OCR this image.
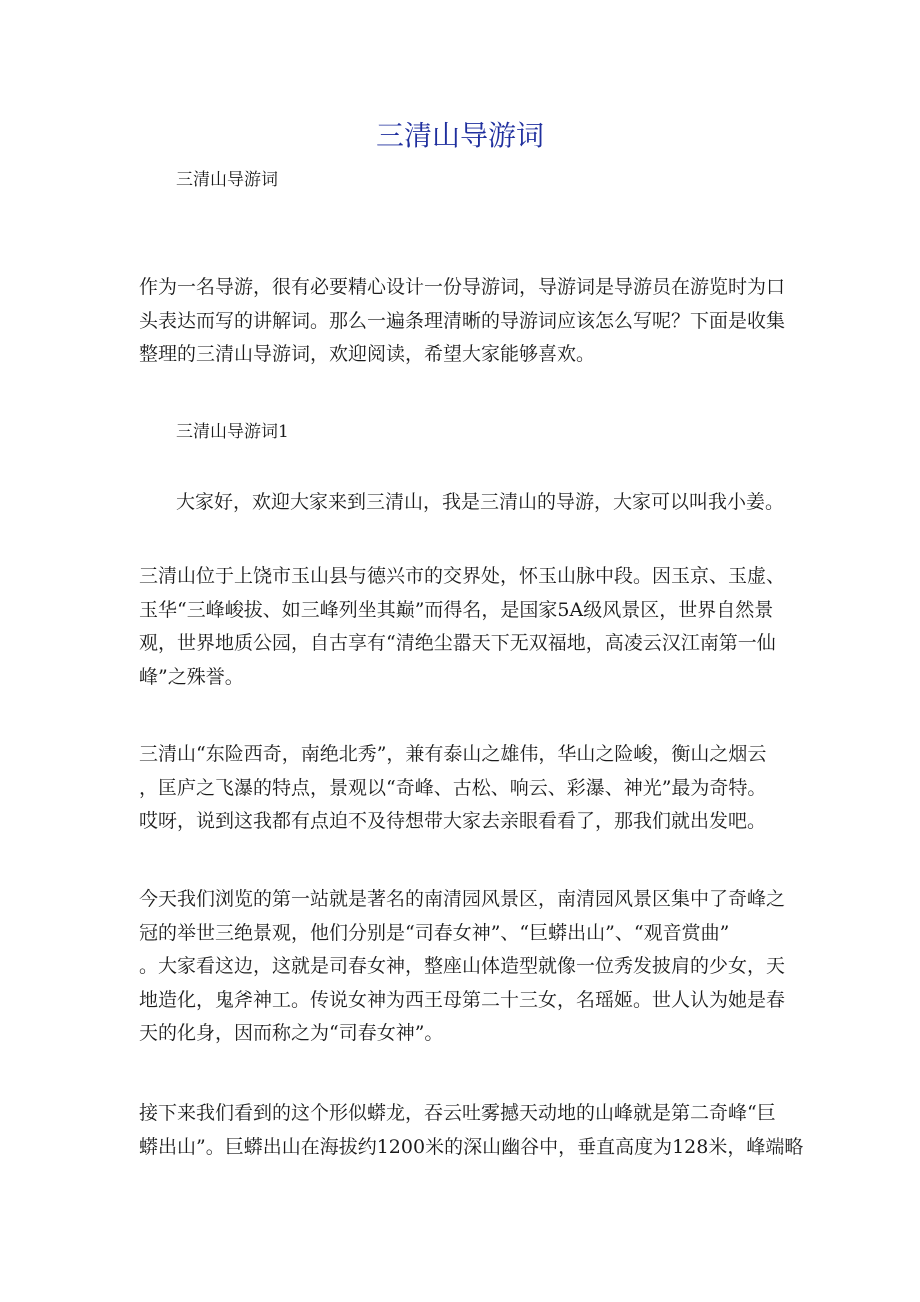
三清山导游词

三清山导游词

作为一名导游，很有必要精心设计一份导游词，导游词是导游员在游览时为口
头表达而写的讲解词。那么一遍条理清晰的导游词应该怎么写呢？下面是收集
整理的三清山导游词，欢迎阅读，希望大家能够喜欢。

三清山导游词1

大家好，欢迎大家来到三清山，我是三清山的导游，大家可以叫我小姜。

三清山位于上饶市玉山县与德兴市的交界处，怀玉山脉中段。因玉京、玉虚、
玉华“三峰峻拔、如三峰列坐其巅”而得名，是国家5A级风景区，世界自然景
观，世界地质公园，自古享有“清绝尘嚣天下无双福地，高凌云汉江南第一仙
峰”之殊誉。
三清山“东险西奇，南绝北秀”，兼有泰山之雄伟，华山之险峻，衡山之烟云
，匡庐之飞瀑的特点，景观以“奇峰、古松、响云、彩瀑、神光”最为奇特。
哎呀，说到这我都有点迫不及待想带大家去亲眼看看了，那我们就出发吧。
今天我们浏览的第一站就是著名的南清园风景区，南清园风景区集中了奇峰之
冠的举世三绝景观，他们分别是“司春女神”、“巨蟒出山”、“观音赏曲”
。大家看这边，这就是司春女神，整座山体造型就像一位秀发披肩的少女，天
地造化，鬼斧神工。传说女神为西王母第二十三女，名瑶姬。世人认为她是春
天的化身，因而称之为“司春女神”。
接下来我们看到的这个形似蟒龙，吞云吐雾撼天动地的山峰就是第二奇峰“巨
蟒出山”。巨蟒出山在海拔约1200米的深山幽谷中，垂直高度为128米，峰端略
